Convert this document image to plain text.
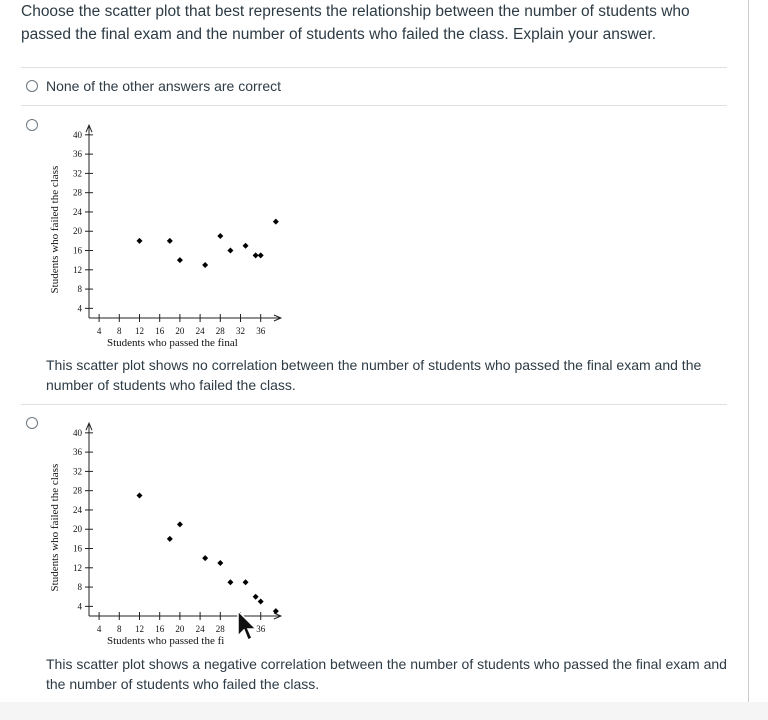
Choose the scatter plot that best represents the relationship between the number of students who passed the final exam and the number of students who failed the class. Explain your answer.
None of the other answers are correct
4
8
12
16
20
24
28
32
36
40
4 8 12 16 20 24 28 32 36
Students who passed the final
Students who failed the class
This scatter plot shows no correlation between the number of students who passed the final exam and the number of students who failed the class.
4
8
12
16
20
24
28
32
36
40
4 8 12 16 20 24 28	36
Students who passed the fi
Students who failed the class
This scatter plot shows a negative correlation between the number of students who passed the final exam and the number of students who failed the class.
